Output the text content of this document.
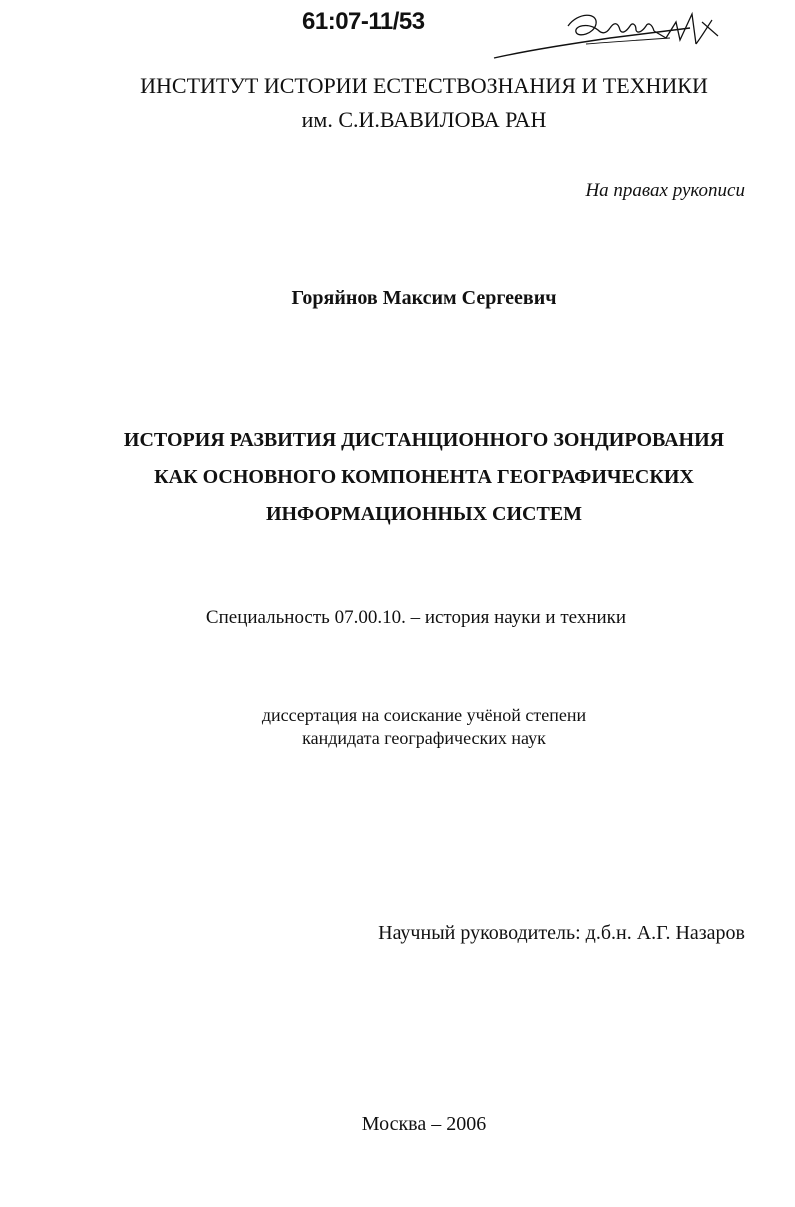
61:07-11/53
ИНСТИТУТ ИСТОРИИ ЕСТЕСТВОЗНАНИЯ И ТЕХНИКИ
им. С.И.ВАВИЛОВА РАН
На правах рукописи
Горяйнов Максим Сергеевич
ИСТОРИЯ РАЗВИТИЯ ДИСТАНЦИОННОГО ЗОНДИРОВАНИЯ
КАК ОСНОВНОГО КОМПОНЕНТА ГЕОГРАФИЧЕСКИХ
ИНФОРМАЦИОННЫХ СИСТЕМ
Специальность 07.00.10. – история науки и техники
диссертация на соискание учёной степени
кандидата географических наук
Научный руководитель: д.б.н. А.Г. Назаров
Москва – 2006
